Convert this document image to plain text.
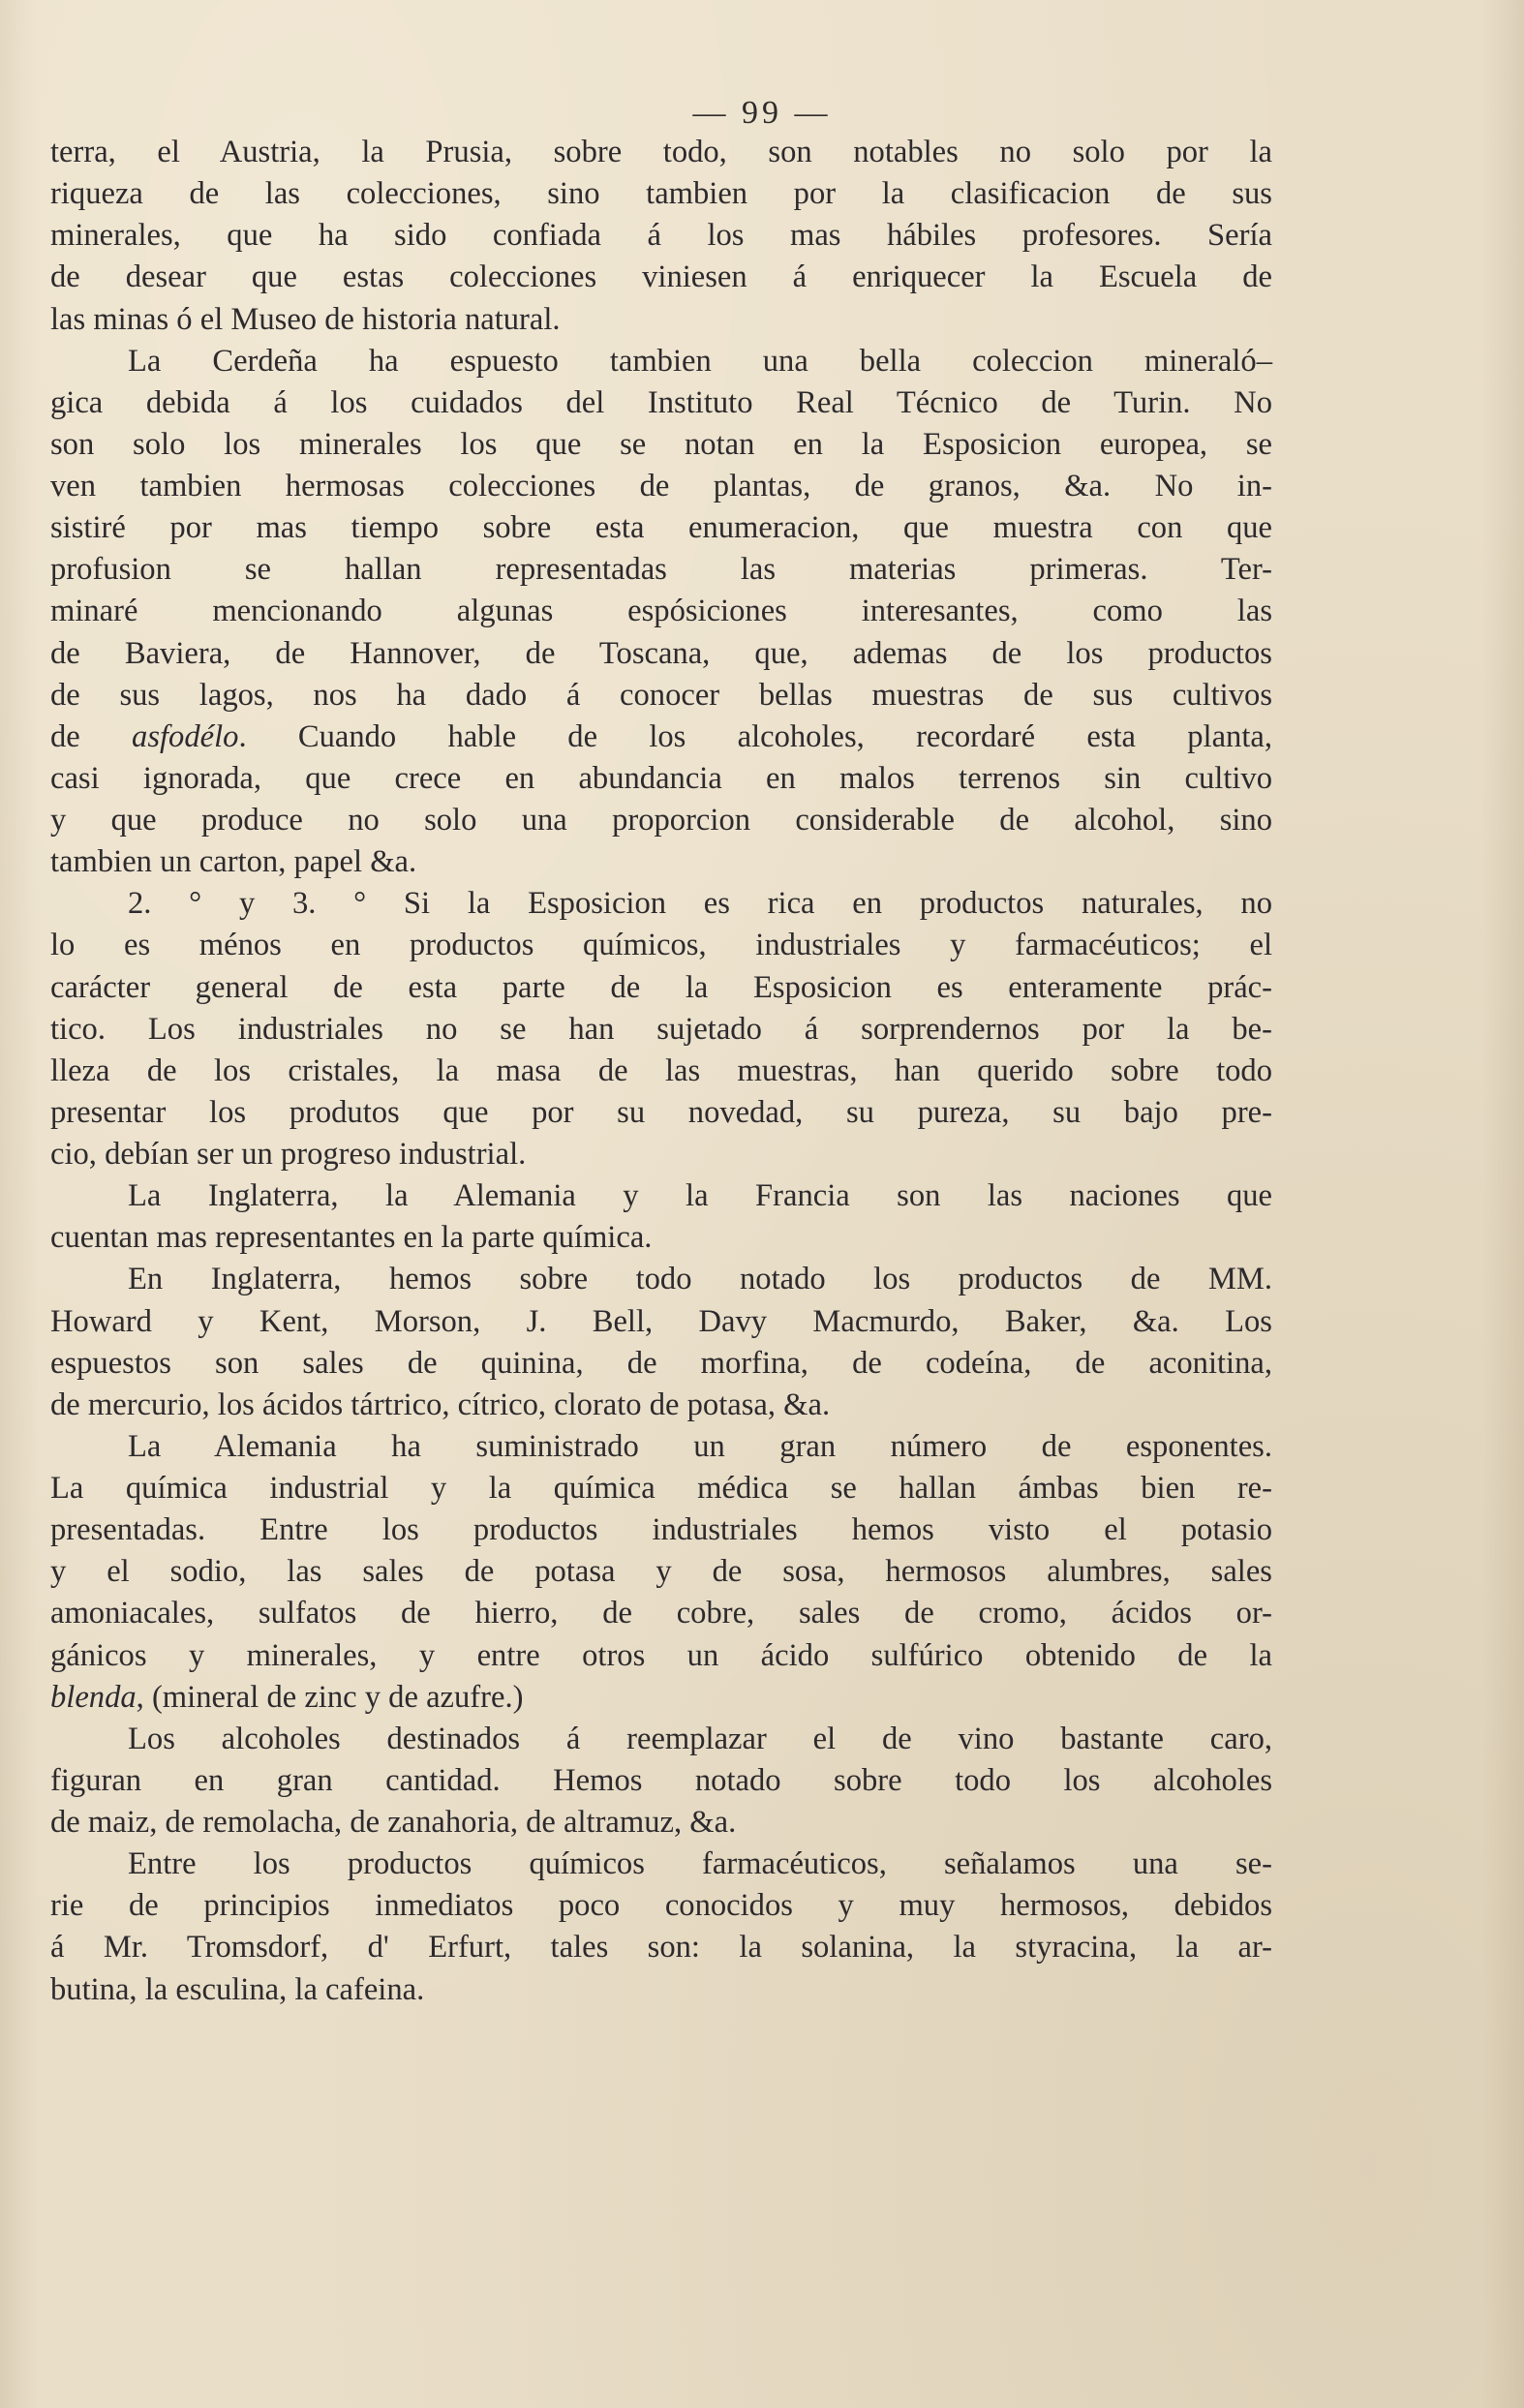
— 99 —
terra, el Austria, la Prusia, sobre todo, son notables no solo por la
riqueza de las colecciones, sino tambien por la clasificacion de sus
minerales, que ha sido confiada á los mas hábiles profesores. Sería
de desear que estas colecciones viniesen á enriquecer la Escuela de
las minas ó el Museo de historia natural.
La Cerdeña ha espuesto tambien una bella coleccion mineraló–
gica debida á los cuidados del Instituto Real Técnico de Turin. No
son solo los minerales los que se notan en la Esposicion europea, se
ven tambien hermosas colecciones de plantas, de granos, &a. No in-
sistiré por mas tiempo sobre esta enumeracion, que muestra con que
profusion se hallan representadas las materias primeras. Ter-
minaré mencionando algunas espósiciones interesantes, como las
de Baviera, de Hannover, de Toscana, que, ademas de los productos
de sus lagos, nos ha dado á conocer bellas muestras de sus cultivos
de asfodélo. Cuando hable de los alcoholes, recordaré esta planta,
casi ignorada, que crece en abundancia en malos terrenos sin cultivo
y que produce no solo una proporcion considerable de alcohol, sino
tambien un carton, papel &a.
2. ° y 3. ° Si la Esposicion es rica en productos naturales, no
lo es ménos en productos químicos, industriales y farmacéuticos; el
carácter general de esta parte de la Esposicion es enteramente prác-
tico. Los industriales no se han sujetado á sorprendernos por la be-
lleza de los cristales, la masa de las muestras, han querido sobre todo
presentar los produtos que por su novedad, su pureza, su bajo pre-
cio, debían ser un progreso industrial.
La Inglaterra, la Alemania y la Francia son las naciones que
cuentan mas representantes en la parte química.
En Inglaterra, hemos sobre todo notado los productos de MM.
Howard y Kent, Morson, J. Bell, Davy Macmurdo, Baker, &a. Los
espuestos son sales de quinina, de morfina, de codeína, de aconitina,
de mercurio, los ácidos tártrico, cítrico, clorato de potasa, &a.
La Alemania ha suministrado un gran número de esponentes.
La química industrial y la química médica se hallan ámbas bien re-
presentadas. Entre los productos industriales hemos visto el potasio
y el sodio, las sales de potasa y de sosa, hermosos alumbres, sales
amoniacales, sulfatos de hierro, de cobre, sales de cromo, ácidos or-
gánicos y minerales, y entre otros un ácido sulfúrico obtenido de la
blenda, (mineral de zinc y de azufre.)
Los alcoholes destinados á reemplazar el de vino bastante caro,
figuran en gran cantidad. Hemos notado sobre todo los alcoholes
de maiz, de remolacha, de zanahoria, de altramuz, &a.
Entre los productos químicos farmacéuticos, señalamos una se-
rie de principios inmediatos poco conocidos y muy hermosos, debidos
á Mr. Tromsdorf, d' Erfurt, tales son: la solanina, la styracina, la ar-
butina, la esculina, la cafeina.
